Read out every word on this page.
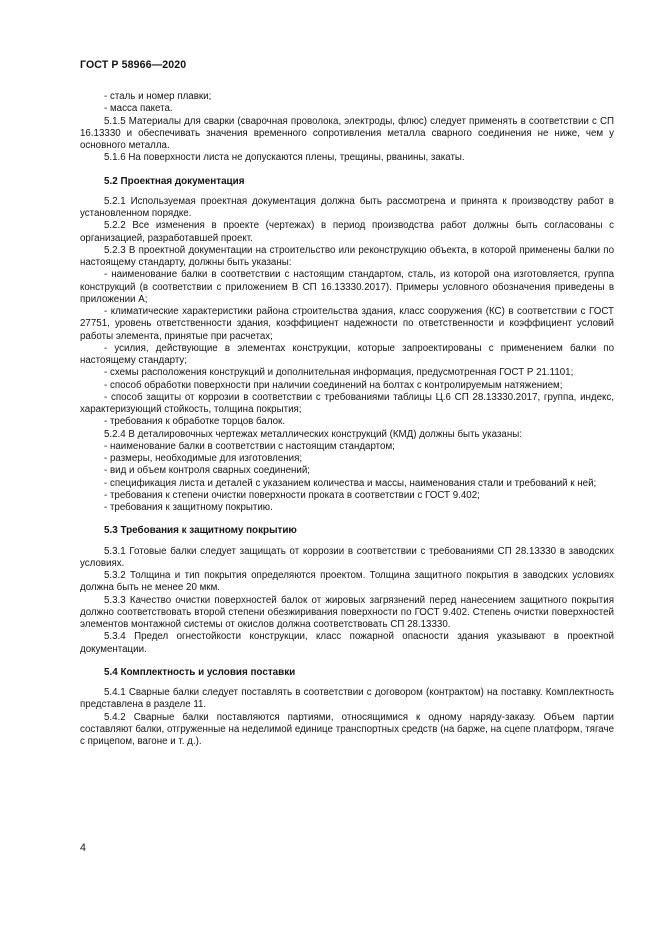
ГОСТ Р 58966—2020

- сталь и номер плавки;

- масса пакета.

5.1.5 Материалы для сварки (сварочная проволока, электроды, флюс) следует применять в соответствии с СП 16.13330 и обеспечивать значения временного сопротивления металла сварного соединения не ниже, чем у основного металла.

5.1.6 На поверхности листа не допускаются плены, трещины, рванины, закаты.

5.2 Проектная документация

5.2.1 Используемая проектная документация должна быть рассмотрена и принята к производству работ в установленном порядке.

5.2.2 Все изменения в проекте (чертежах) в период производства работ должны быть согласованы с организацией, разработавшей проект.

5.2.3 В проектной документации на строительство или реконструкцию объекта, в которой применены балки по настоящему стандарту, должны быть указаны:

- наименование балки в соответствии с настоящим стандартом, сталь, из которой она изготовляется, группа конструкций (в соответствии с приложением В СП 16.13330.2017). Примеры условного обозначения приведены в приложении А;

- климатические характеристики района строительства здания, класс сооружения (КС) в соответствии с ГОСТ 27751, уровень ответственности здания, коэффициент надежности по ответственности и коэффициент условий работы элемента, принятые при расчетах;

- усилия, действующие в элементах конструкции, которые запроектированы с применением балки по настоящему стандарту;

- схемы расположения конструкций и дополнительная информация, предусмотренная ГОСТ Р 21.1101;

- способ обработки поверхности при наличии соединений на болтах с контролируемым натяжением;

- способ защиты от коррозии в соответствии с требованиями таблицы Ц.6 СП 28.13330.2017, группа, индекс, характеризующий стойкость, толщина покрытия;

- требования к обработке торцов балок.

5.2.4 В деталировочных чертежах металлических конструкций (КМД) должны быть указаны:

- наименование балки в соответствии с настоящим стандартом;

- размеры, необходимые для изготовления;

- вид и объем контроля сварных соединений;

- спецификация листа и деталей с указанием количества и массы, наименования стали и требований к ней;

- требования к степени очистки поверхности проката в соответствии с ГОСТ 9.402;

- требования к защитному покрытию.

5.3 Требования к защитному покрытию

5.3.1 Готовые балки следует защищать от коррозии в соответствии с требованиями СП 28.13330 в заводских условиях.

5.3.2 Толщина и тип покрытия определяются проектом. Толщина защитного покрытия в заводских условиях должна быть не менее 20 мкм.

5.3.3 Качество очистки поверхностей балок от жировых загрязнений перед нанесением защитного покрытия должно соответствовать второй степени обезжиривания поверхности по ГОСТ 9.402. Степень очистки поверхностей элементов монтажной системы от окислов должна соответствовать СП 28.13330.

5.3.4 Предел огнестойкости конструкции, класс пожарной опасности здания указывают в проектной документации.

5.4 Комплектность и условия поставки

5.4.1 Сварные балки следует поставлять в соответствии с договором (контрактом) на поставку. Комплектность представлена в разделе 11.

5.4.2 Сварные балки поставляются партиями, относящимися к одному наряду-заказу. Объем партии составляют балки, отгруженные на неделимой единице транспортных средств (на барже, на сцепе платформ, тягаче с прицепом, вагоне и т. д.).

4
